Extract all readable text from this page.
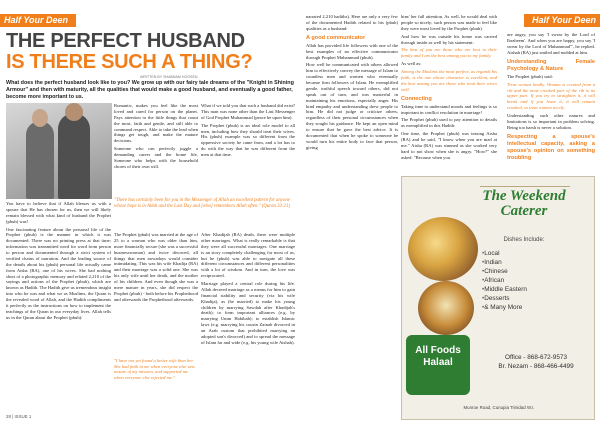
Half Your Deen
THE PERFECT HUSBAND
IS THERE SUCH A THING?
WRITTEN BY SHABNAM HOOSEN
What does the perfect husband look like to you? We grow up with our fairy tale dreams of the "Knight in Shining Armour" and then with maturity, all the qualities that would make a good husband, and eventually a good father, become more important to us.

You have to believe that if Allah blesses us with a spouse that He has chosen for us, then we will likely remain blessed with what kind of husband the Prophet (pbuh) was!

One fascinating feature about the personal life of the Prophet (pbuh) is the manner in which it was documented. There was no printing press at that time; information was transmitted word for word from person to person and documented through a strict system of verified chains of narration. And the leading source of the details about his (pbuh) personal life actually came from Aisha (RA), one of his wives. She had nothing short of a photographic memory and related 2,210 of the sayings and actions of the Prophet (pbuh), which are known as Hadith. The Hadith give us tremendous insight into who he was and what we as Muslims, the Quran is the revealed word of Allah, and the Hadith compliments it perfectly as the instructions on how to implement the teachings of the Quran in our everyday lives. Allah tells us in the Quran about the Prophet (pbuh):

Romantic, makes you feel like the most loved and cared for person on the planet. Pays attention to the little things that count the most, faith and gentle, and still able to command respect. Able to take the lead when things get tough, and make the mature decisions.

Someone who can perfectly juggle a demanding career and the home life. Someone who helps with the household chores of their own will.

What if we told you that such a husband did exist? This man was none other than the Last Messenger of God Prophet Muhammad (peace be upon him).

The Prophet (pbuh) is an ideal role model to all men, including how they should treat their wives. His (pbuh) example was so different from the oppressive society he came from, and a lot has to do with the way that he was different from the men at that time.

"There has certainly been for you in the Messenger of Allah an excellent pattern for anyone whose hope is in Allah and the Last Day and [who] remembers Allah often." (Quran 33:21)

The Prophet (pbuh) was married at the age of 25 to a woman who was older than him, more financially secure (she was a successful businesswoman) and twice divorced, all things that men nowadays would consider intimidating. This was his wife Khadija (RA) and their marriage was a solid one. She was his only wife until her death, and the mother of his children. And even though she was a mere mature in years, she did respect the Prophet (pbuh) - both before his Prophethood and afterwards the Prophethood afterwards.

"I have not yet found a better wife than her. She had faith in me when everyone else was unsure of my mission, and supported me when everyone else rejected me."

After Khadijah (RA) death, there were multiple other marriages. What is really remarkable is that they were all successful marriages. One marriage is an story completely challenging for most of us, but he (pbuh) was able to navigate all these different circumstances and different personalities with a lot of wisdom. And in turn, the love was reciprocated.

Marriage played a central role during his life. Allah decreed marriage as a means for him to gain financial stability and security (via his wife Khadija), as (he married) to make his young children by marrying Sawdah after Khadijah's death); to form important alliances (e.g. by marrying Umm Habibah); to establish Islamic laws (e.g. marrying his cousin Zainab divorced in an Arab custom that prohibited marrying an adopted son's divorced) and to spread the message of Islam far and wide (e.g. his young wife Aishah).

28 | ISSUE 1
Half Your Deen

narrated 2,210 hadiths). Here are only a very few of the documented Hadith related to his (pbuh) qualities as a husband:

A good communicator

Allah has provided life followers with one of the best examples of an effective communicator through Prophet Muhammad (pbuh).

How well he communicated with others allowed him to effectively convey the message of Islam to countless men and women who eventually became firm followers of Islam. He exemplified gentle, truthful speech toward others, did not speak out of turn, and was masterful in maintaining his emotions, especially anger. His kind empathy and understanding drew people to him. He did not judge or criticize others, regardless of their personal circumstances when they sought his guidance. He kept an open mind to ensure that he gave the best advice. It is documented that when he spoke to someone he would turn his entire body to face that person, giving

him/ her full attention. As well, he would deal with people so nicely; such person was made to feel like they were most loved by the Prophet (pbuh).

And how he was outside his home was carried through inside as well by his statement:

The best of you are those who are best to their family and I am the best among you to my family.

As well as:

Among the Muslims the most perfect, as regards his faith, is the one whose character is excellent, and the best among you are those who treat their wives well.

Connecting

Taking time to understand moods and feelings is so important in conflict resolution in marriage!

The Prophet (pbuh) used to pay attention to details as exemplified in this Hadith:

One time, the Prophet (pbuh) was teasing Aisha (RA) and he said, "I know when you are mad at me." Aisha (RA) was stunned as she worked very hard to not show when she is angry. "How?" she asked. "Because when you

are angry, you say 'I swear by the Lord of Ibraheem'. And when you are happy, you say 'I swear by the Lord of Muhammad'", he replied. Aishah (RA) just smiled and nodded at him.

Understanding Female Psychology & Nature

The Prophet (pbuh) said:

Treat women kindly. Woman is created from a rib and the most crooked part of the rib is its upper part. If you try to straighten it, it will break and if you leave it, it will remain crooked, so treat women nicely.

Understanding such other natures and limitations is so important in problem solving. Being too harsh is never a solution.

Respecting a spouse's intellectual capacity, asking a spouse's opinion on something troubling

The Weekend Caterer
Dishes Include:
• Local
• Indian
• Chinese
• African
• Middle Eastern
• Desserts
• & Many More
All Foods
Halaal	Office - 868-672-9573
Br. Nezam - 868-466-4499
Munroe Road, Cunupia Trinidad W.I.
